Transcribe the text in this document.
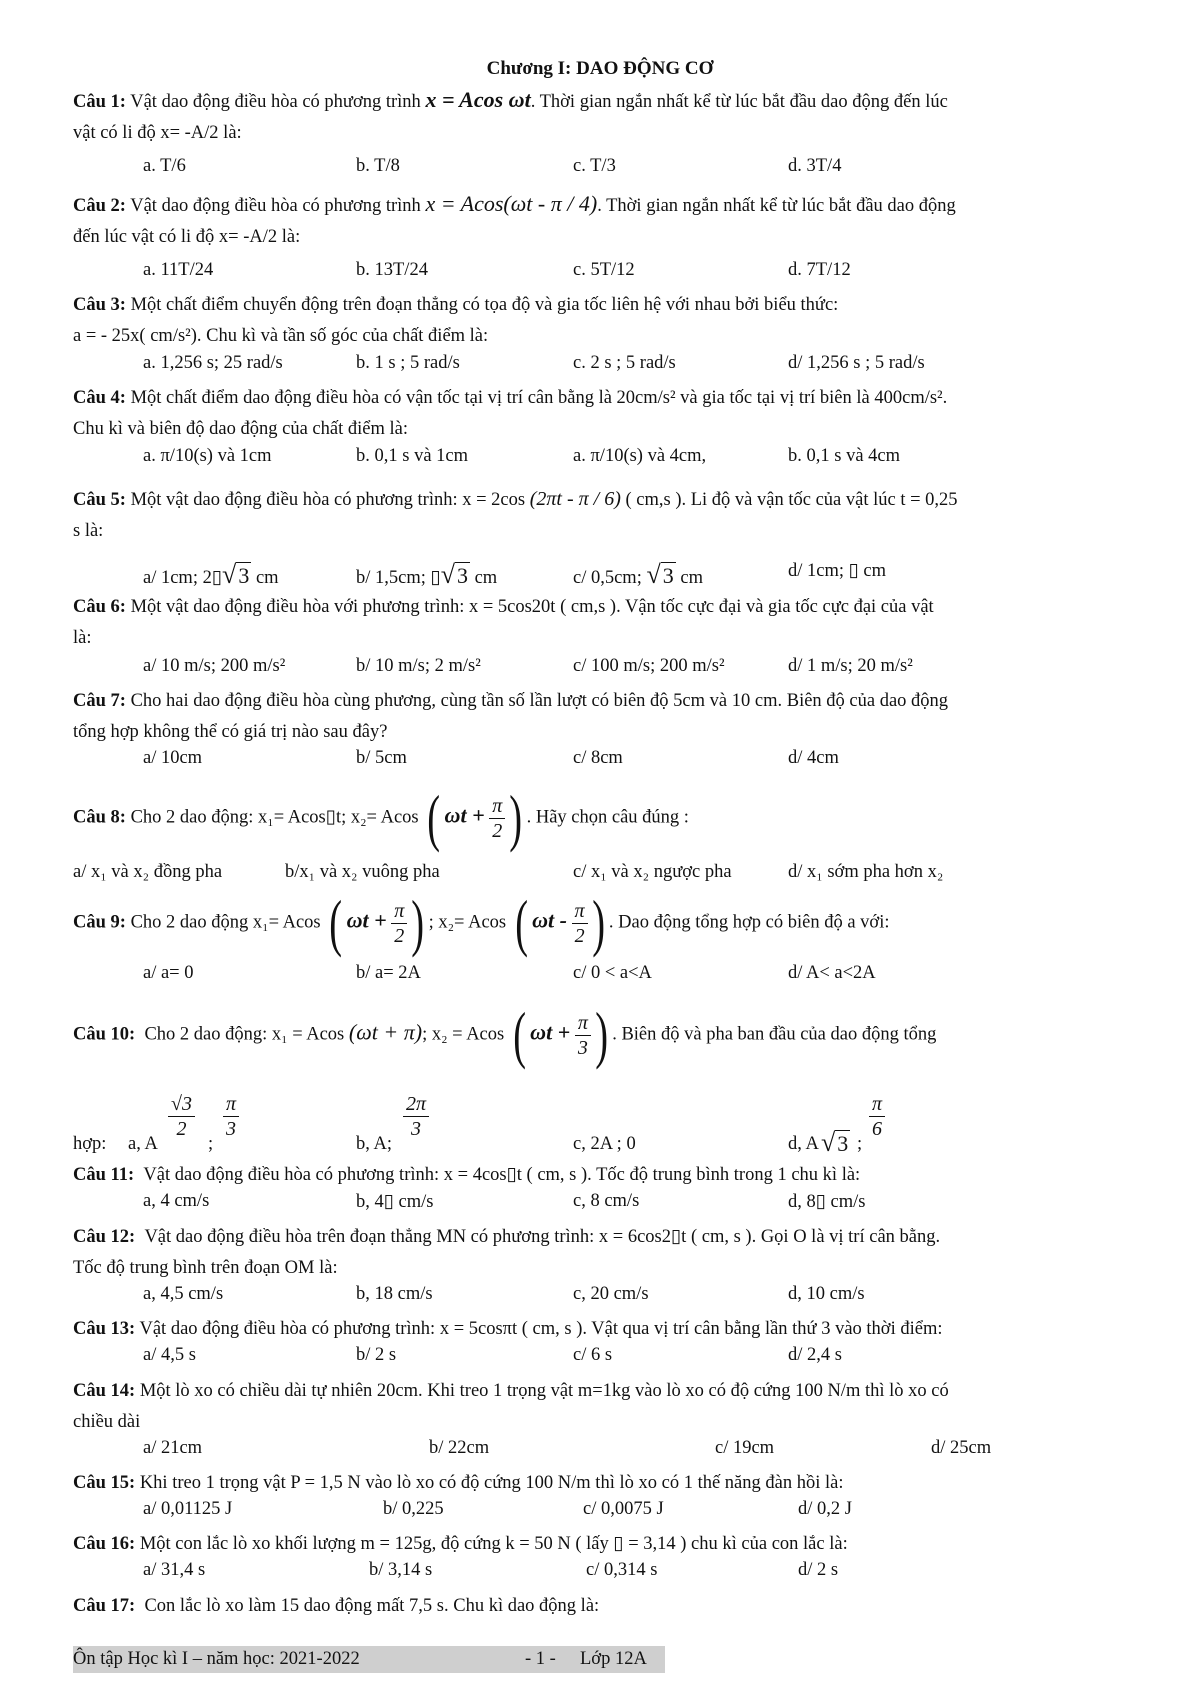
Chương I: DAO ĐỘNG CƠ
Câu 1: Vật dao động điều hòa có phương trình x = Acos ωt. Thời gian ngắn nhất kể từ lúc bắt đầu dao động đến lúc
vật có li độ x= -A/2 là:
a. T/6	b. T/8	c. T/3	d. 3T/4
Câu 2: Vật dao động điều hòa có phương trình x = Acos(ωt - π / 4). Thời gian ngắn nhất kể từ lúc bắt đầu dao động
đến lúc vật có li độ x= -A/2 là:
a. 11T/24	b. 13T/24	c. 5T/12	d. 7T/12
Câu 3: Một chất điểm chuyển động trên đoạn thẳng có tọa độ và gia tốc liên hệ với nhau bởi biểu thức:
a = - 25x( cm/s²). Chu kì và tần số góc của chất điểm là:
a. 1,256 s; 25 rad/s	b. 1 s ; 5 rad/s	c. 2 s ; 5 rad/s	d/ 1,256 s ; 5 rad/s
Câu 4: Một chất điểm dao động điều hòa có vận tốc tại vị trí cân bằng là 20cm/s² và gia tốc tại vị trí biên là 400cm/s².
Chu kì và biên độ dao động của chất điểm là:
a. π/10(s) và 1cm	b. 0,1 s và 1cm	a. π/10(s) và 4cm,	b. 0,1 s và 4cm
Câu 5: Một vật dao động điều hòa có phương trình: x = 2cos (2πt - π / 6) ( cm,s ). Li độ và vận tốc của vật lúc t = 0,25
s là:
a/ 1cm; 2▯√3 cm	b/ 1,5cm; ▯√3 cm	c/ 0,5cm; √3 cm	d/ 1cm; ▯ cm
Câu 6: Một vật dao động điều hòa với phương trình: x = 5cos20t ( cm,s ). Vận tốc cực đại và gia tốc cực đại của vật
là:
a/ 10 m/s; 200 m/s²	b/ 10 m/s; 2 m/s²	c/ 100 m/s; 200 m/s²	d/ 1 m/s; 20 m/s²
Câu 7: Cho hai dao động điều hòa cùng phương, cùng tần số lần lượt có biên độ 5cm và 10 cm. Biên độ của dao động
tổng hợp không thể có giá trị nào sau đây?
a/ 10cm	b/ 5cm	c/ 8cm	d/ 4cm
Câu 8: Cho 2 dao động: x₁= Acos▯t; x₂= Acos ( $\omega t + \frac{\pi}{2}$ ) . Hãy chọn câu đúng :
a/ x₁ và x₂ đồng pha	b/x₁ và x₂ vuông pha	c/ x₁ và x₂ ngược pha	d/ x₁ sớm pha hơn x₂
Câu 9: Cho 2 dao động x₁= Acos ( $\omega t + \frac{\pi}{2}$ ) ; x₂= Acos ( ωt - $\frac{\pi}{2}$ ) . Dao động tổng hợp có biên độ a với:
a/ a= 0	b/ a= 2A	c/ 0 < a<A	d/ A< a<2A
Câu 10: Cho 2 dao động: x₁ = Acos (ωt + π); x₂ = Acos ( $\omega t + \frac{\pi}{3}$ ) . Biên độ và pha ban đầu của dao động tổng
hợp: a, A
$\frac{√3}{2}$
;
$\frac{\pi}{3}$
b, A;
$\frac{2\pi}{3}$
c, 2A ; 0	d, A √3 ;
$\frac{\pi}{6}$
Câu 11: Vật dao động điều hòa có phương trình: x = 4cos▯t ( cm, s ). Tốc độ trung bình trong 1 chu kì là:
a, 4 cm/s	b, 4▯ cm/s	c, 8 cm/s	d, 8▯ cm/s
Câu 12: Vật dao động điều hòa trên đoạn thẳng MN có phương trình: x = 6cos2▯t ( cm, s ). Gọi O là vị trí cân bằng.
Tốc độ trung bình trên đoạn OM là:
a, 4,5 cm/s	b, 18 cm/s	c, 20 cm/s	d, 10 cm/s
Câu 13: Vật dao động điều hòa có phương trình: x = 5cosπt ( cm, s ). Vật qua vị trí cân bằng lần thứ 3 vào thời điểm:
a/ 4,5 s	b/ 2 s	c/ 6 s	d/ 2,4 s
Câu 14: Một lò xo có chiều dài tự nhiên 20cm. Khi treo 1 trọng vật m=1kg vào lò xo có độ cứng 100 N/m thì lò xo có
chiều dài
a/ 21cm	b/ 22cm	c/ 19cm	d/ 25cm
Câu 15: Khi treo 1 trọng vật P = 1,5 N vào lò xo có độ cứng 100 N/m thì lò xo có 1 thế năng đàn hồi là:
a/ 0,01125 J	b/ 0,225	c/ 0,0075 J	d/ 0,2 J
Câu 16: Một con lắc lò xo khối lượng m = 125g, độ cứng k = 50 N ( lấy ▯ = 3,14 ) chu kì của con lắc là:
a/ 31,4 s	b/ 3,14 s	c/ 0,314 s	d/ 2 s
Câu 17: Con lắc lò xo làm 15 dao động mất 7,5 s. Chu kì dao động là:
Ôn tập Học kì I – năm học: 2021-2022	- 1 - Lớp 12A
